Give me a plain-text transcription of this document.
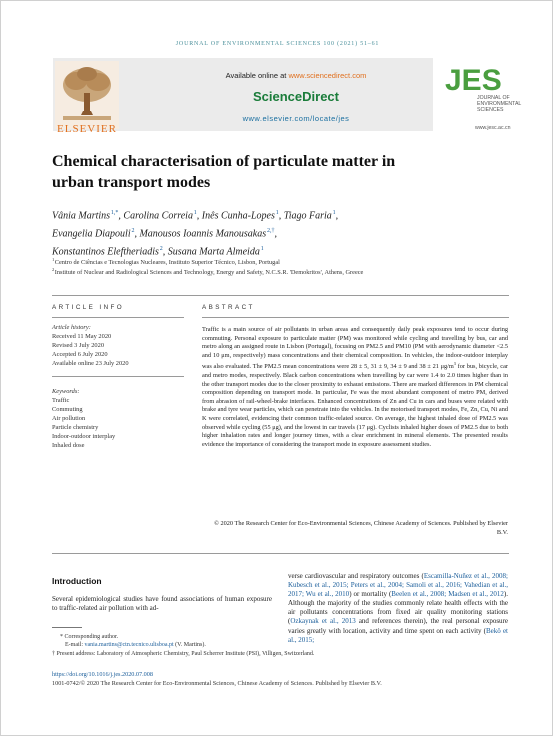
JOURNAL OF ENVIRONMENTAL SCIENCES 100 (2021) 51–61
ELSEVIER
Available online at www.sciencedirect.com
ScienceDirect
www.elsevier.com/locate/jes
JES
JOURNAL OF
ENVIRONMENTAL
SCIENCES
www.jesc.ac.cn
Chemical characterisation of particulate matter in
urban transport modes
Vânia Martins $^{1,*}$, Carolina Correia $^1$, Inês Cunha-Lopes $^1$, Tiago Faria $^1$,
Evangelia Diapouli $^2$, Manousos Ioannis Manousakas $^{2,\dagger}$,
Konstantinos Eleftheriadis $^2$, Susana Marta Almeida $^1$
$^1$ Centro de Ciências e Tecnologias Nucleares, Instituto Superior Técnico, Lisbon, Portugal
$^2$ Institute of Nuclear and Radiological Sciences and Technology, Energy and Safety, N.C.S.R. 'Demokritos', Athens, Greece
ARTICLE INFO	ABSTRACT
Article history:
Received 11 May 2020
Revised 3 July 2020
Accepted 6 July 2020
Available online 23 July 2020
Keywords:
Traffic
Commuting
Air pollution
Particle chemistry
Indoor-outdoor interplay
Inhaled dose
Traffic is a main source of air pollutants in urban areas and consequently daily peak exposures tend to occur during commuting. Personal exposure to particulate matter (PM) was monitored while cycling and travelling by bus, car and metro along an assigned route in Lisbon (Portugal), focusing on PM2.5 and PM10 (PM with aerodynamic diameter <2.5 and 10 μm, respectively) mass concentrations and their chemical composition. In vehicles, the indoor-outdoor interplay was also evaluated. The PM2.5 mean concentrations were 28 ± 5, 31 ± 9, 34 ± 9 and 38 ± 21 $\mu g/m^3$ for bus, bicycle, car and metro modes, respectively. Black carbon concentrations when travelling by car were 1.4 to 2.0 times higher than in the other transport modes due to the closer proximity to exhaust emissions. There are marked differences in PM chemical composition depending on transport mode. In particular, Fe was the most abundant component of metro PM, derived from abrasion of rail-wheel-brake interfaces. Enhanced concentrations of Zn and Cu in cars and buses were related with brake and tyre wear particles, which can penetrate into the vehicles. In the motorised transport modes, Fe, Zn, Cu, Ni and K were correlated, evidencing their common traffic-related source. On average, the highest inhaled dose of PM2.5 was observed while cycling (55 μg), and the lowest in car travels (17 μg). Cyclists inhaled higher doses of PM2.5 due to both higher inhalation rates and longer journey times, with a clear enrichment in mineral elements. The presented results evidence the importance of considering the transport mode in exposure assessment studies.
© 2020 The Research Center for Eco-Environmental Sciences, Chinese Academy of Sciences. Published by Elsevier B.V.
Introduction
Several epidemiological studies have found associations of human exposure to traffic-related air pollution with ad-
verse cardiovascular and respiratory outcomes (Escamilla-Nuñez et al., 2008; Kubesch et al., 2015; Peters et al., 2004; Samoli et al., 2016; Vahedian et al., 2017; Wu et al., 2010) or mortality (Beelen et al., 2008; Madsen et al., 2012). Although the majority of the studies commonly relate health effects with the air pollutants concentrations from fixed air quality monitoring stations (Ozkaynak et al., 2013 and references therein), the real personal exposure varies greatly with location, activity and time spent on each activity (Bekö et al., 2015;
* Corresponding author.
E-mail: vania.martins@ctn.tecnico.ulisboa.pt (V. Martins).
† Present address: Laboratory of Atmospheric Chemistry, Paul Scherrer Institute (PSI), Villigen, Switzerland.
https://doi.org/10.1016/j.jes.2020.07.008
1001-0742/© 2020 The Research Center for Eco-Environmental Sciences, Chinese Academy of Sciences. Published by Elsevier B.V.
